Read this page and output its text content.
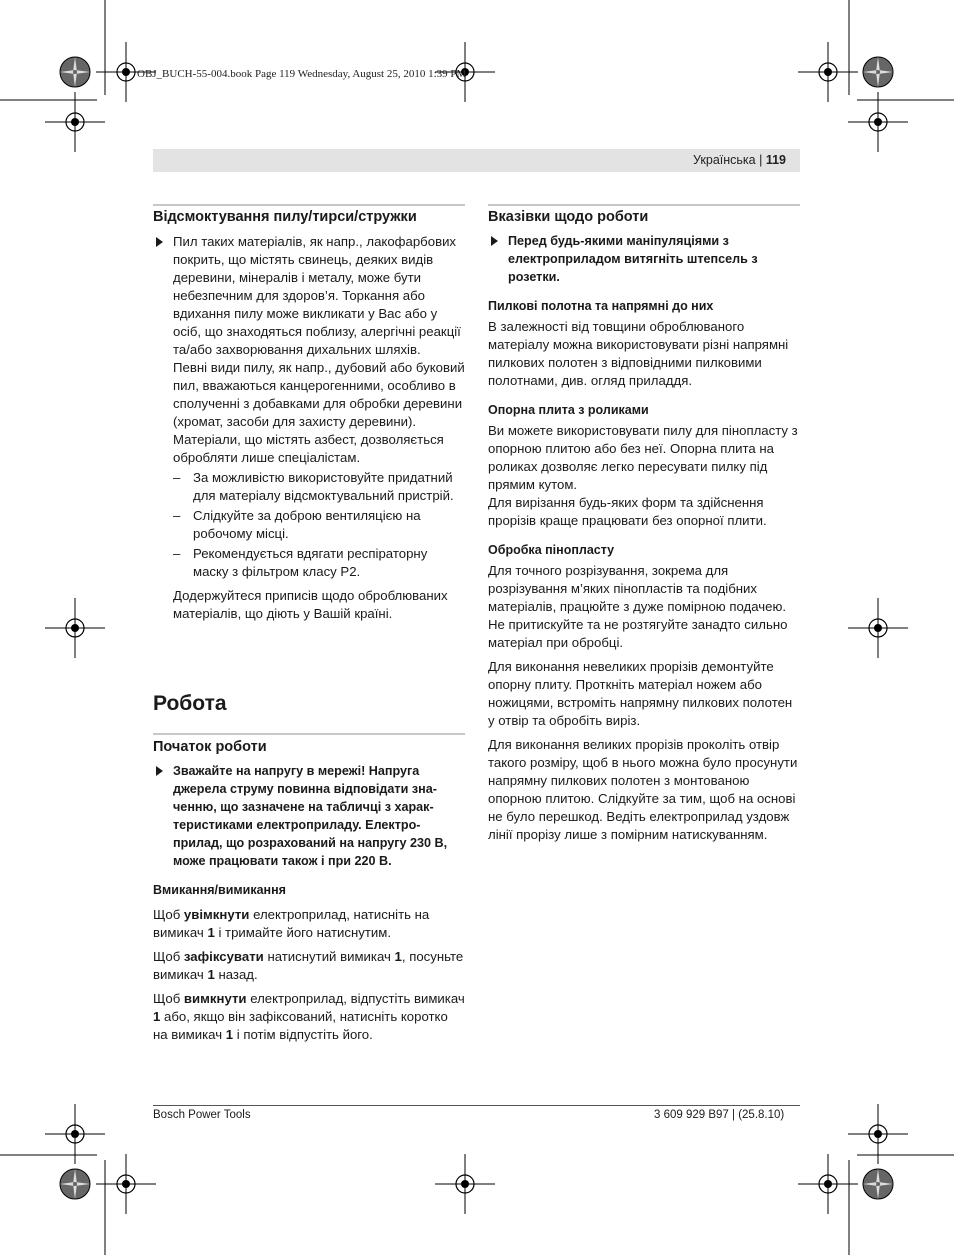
OBJ_BUCH-55-004.book Page 119 Wednesday, August 25, 2010 1:39 PM
Українська | 119
Відсмоктування пилу/тирси/стружки

Пил таких матеріалів, як напр., лакофарбових покрить, що містять свинець, деяких видів деревини, мінералів і металу, може бути небезпечним для здоров’я. Торкання або вдихання пилу може викликати у Вас або у осіб, що знаходяться поблизу, алергічні реакції та/або захворювання дихальних шляхів.

Певні види пилу, як напр., дубовий або буковий пил, вважаються канцерогенними, особливо в сполученні з добавками для обробки деревини (хромат, засоби для захисту деревини). Матеріали, що містять азбест, дозволяється обробляти лише спеціалістам.

– За можливістю використовуйте придатний для матеріалу відсмоктувальний пристрій.

– Слідкуйте за доброю вентиляцією на робочому місці.

– Рекомендується вдягати респіраторну маску з фільтром класу P2.

Додержуйтеся приписів щодо оброблюваних матеріалів, що діють у Вашій країні.

Робота
Початок роботи

Зважайте на напругу в мережі! Напруга джерела струму повинна відповідати значенню, що зазначене на табличці з характеристиками електроприладу. Електроприлад, що розрахований на напругу 230 В, може працювати також і при 220 В.

Вмикання/вимикання

Щоб увімкнути електроприлад, натисніть на вимикач 1 і тримайте його натиснутим.

Щоб зафіксувати натиснутий вимикач 1, посуньте вимикач 1 назад.

Щоб вимкнути електроприлад, відпустіть вимикач 1 або, якщо він зафіксований, натисніть коротко на вимикач 1 і потім відпустіть його.

Вказівки щодо роботи

Перед будь-якими маніпуляціями з електроприладом витягніть штепсель з розетки.

Пилкові полотна та напрямні до них

В залежності від товщини оброблюваного матеріалу можна використовувати різні напрямні пилкових полотен з відповідними пилковими полотнами, див. огляд приладдя.

Опорна плита з роликами

Ви можете використовувати пилу для пінопласту з опорною плитою або без неї. Опорна плита на роликах дозволяє легко пересувати пилку під прямим кутом.

Для вирізання будь-яких форм та здійснення прорізів краще працювати без опорної плити.

Обробка пінопласту

Для точного розрізування, зокрема для розрізування м’яких пінопластів та подібних матеріалів, працюйте з дуже помірною подачею. Не притискуйте та не розтягуйте занадто сильно матеріал при обробці.

Для виконання невеликих прорізів демонтуйте опорну плиту. Проткніть матеріал ножем або ножицями, встроміть напрямну пилкових полотен у отвір та обробіть виріз.

Для виконання великих прорізів проколіть отвір такого розміру, щоб в нього можна було просунути напрямну пилкових полотен з монтованою опорною плитою. Слідкуйте за тим, щоб на основі не було перешкод. Ведіть електроприлад уздовж лінії прорізу лише з помірним натискуванням.

Bosch Power Tools	3 609 929 B97 | (25.8.10)
